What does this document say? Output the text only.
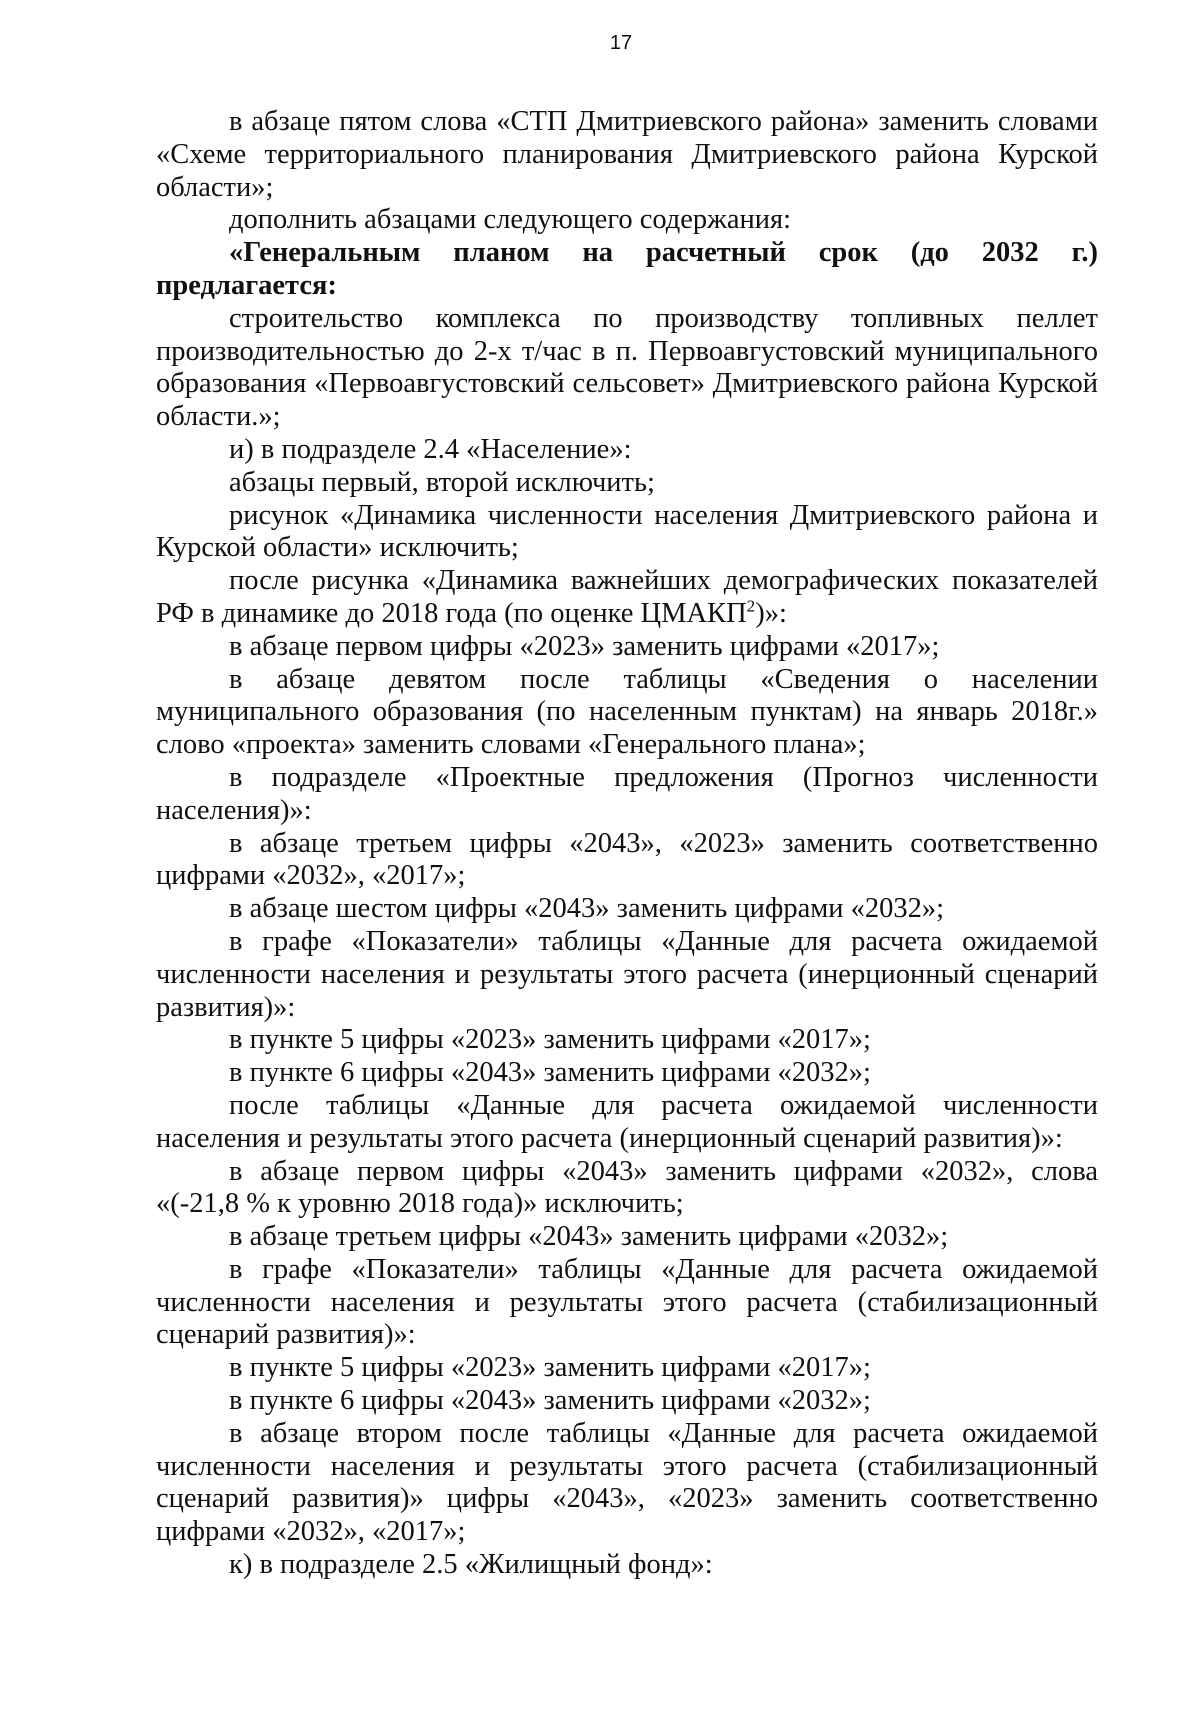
17

в абзаце пятом слова «СТП Дмитриевского района» заменить словами «Схеме территориального планирования Дмитриевского района Курской области»;

дополнить абзацами следующего содержания:

«Генеральным планом на расчетный срок (до 2032 г.) предлагается:

строительство комплекса по производству топливных пеллет производительностью до 2-х т/час в п. Первоавгустовский муниципального образования «Первоавгустовский сельсовет» Дмитриевского района Курской области.»;

и) в подразделе 2.4 «Население»:

абзацы первый, второй исключить;

рисунок «Динамика численности населения Дмитриевского района и Курской области» исключить;

после рисунка «Динамика важнейших демографических показателей РФ в динамике до 2018 года (по оценке ЦМАКП$^2$)»:

в абзаце первом цифры «2023» заменить цифрами «2017»;

в абзаце девятом после таблицы «Сведения о населении муниципального образования (по населенным пунктам) на январь 2018г.» слово «проекта» заменить словами «Генерального плана»;

в подразделе «Проектные предложения (Прогноз численности населения)»:

в абзаце третьем цифры «2043», «2023» заменить соответственно цифрами «2032», «2017»;

в абзаце шестом цифры «2043» заменить цифрами «2032»;

в графе «Показатели» таблицы «Данные для расчета ожидаемой численности населения и результаты этого расчета (инерционный сценарий развития)»:

в пункте 5 цифры «2023» заменить цифрами «2017»;

в пункте 6 цифры «2043» заменить цифрами «2032»;

после таблицы «Данные для расчета ожидаемой численности населения и результаты этого расчета (инерционный сценарий развития)»:

в абзаце первом цифры «2043» заменить цифрами «2032», слова «(-21,8 % к уровню 2018 года)» исключить;

в абзаце третьем цифры «2043» заменить цифрами «2032»;

в графе «Показатели» таблицы «Данные для расчета ожидаемой численности населения и результаты этого расчета (стабилизационный сценарий развития)»:

в пункте 5 цифры «2023» заменить цифрами «2017»;

в пункте 6 цифры «2043» заменить цифрами «2032»;

в абзаце втором после таблицы «Данные для расчета ожидаемой численности населения и результаты этого расчета (стабилизационный сценарий развития)» цифры «2043», «2023» заменить соответственно цифрами «2032», «2017»;

к) в подразделе 2.5 «Жилищный фонд»:
